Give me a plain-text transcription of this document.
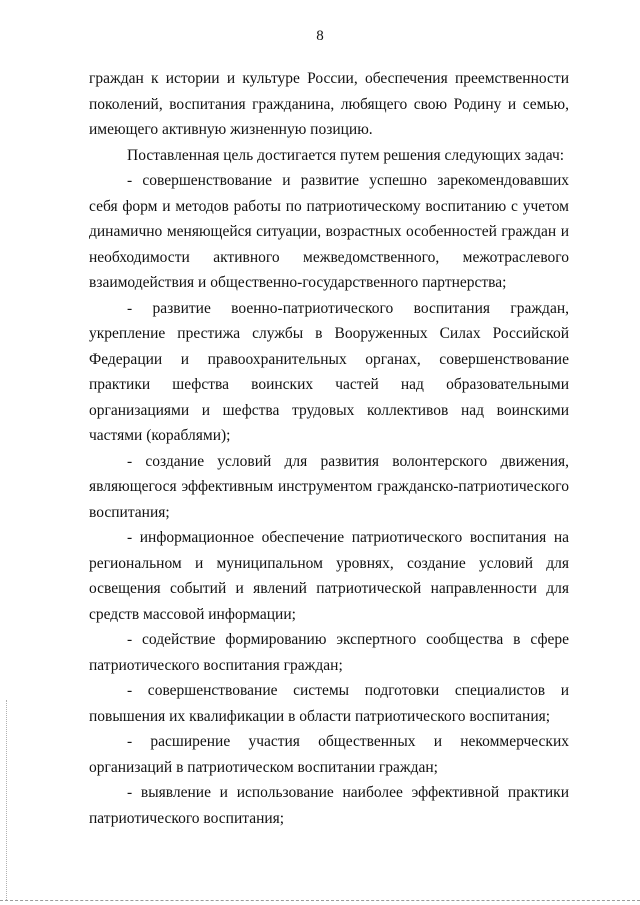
8

граждан к истории и культуре России, обеспечения преемственности поколений, воспитания гражданина, любящего свою Родину и семью, имеющего активную жизненную позицию.

Поставленная цель достигается путем решения следующих задач:

- совершенствование и развитие успешно зарекомендовавших себя форм и методов работы по патриотическому воспитанию с учетом динамично меняющейся ситуации, возрастных особенностей граждан и необходимости активного межведомственного, межотраслевого взаимодействия и общественно-государственного партнерства;

- развитие военно-патриотического воспитания граждан, укрепление престижа службы в Вооруженных Силах Российской Федерации и правоохранительных органах, совершенствование практики шефства воинских частей над образовательными организациями и шефства трудовых коллективов над воинскими частями (кораблями);

- создание условий для развития волонтерского движения, являющегося эффективным инструментом гражданско-патриотического воспитания;

- информационное обеспечение патриотического воспитания на региональном и муниципальном уровнях, создание условий для освещения событий и явлений патриотической направленности для средств массовой информации;

- содействие формированию экспертного сообщества в сфере патриотического воспитания граждан;

- совершенствование системы подготовки специалистов и повышения их квалификации в области патриотического воспитания;

- расширение участия общественных и некоммерческих организаций в патриотическом воспитании граждан;

- выявление и использование наиболее эффективной практики патриотического воспитания;
